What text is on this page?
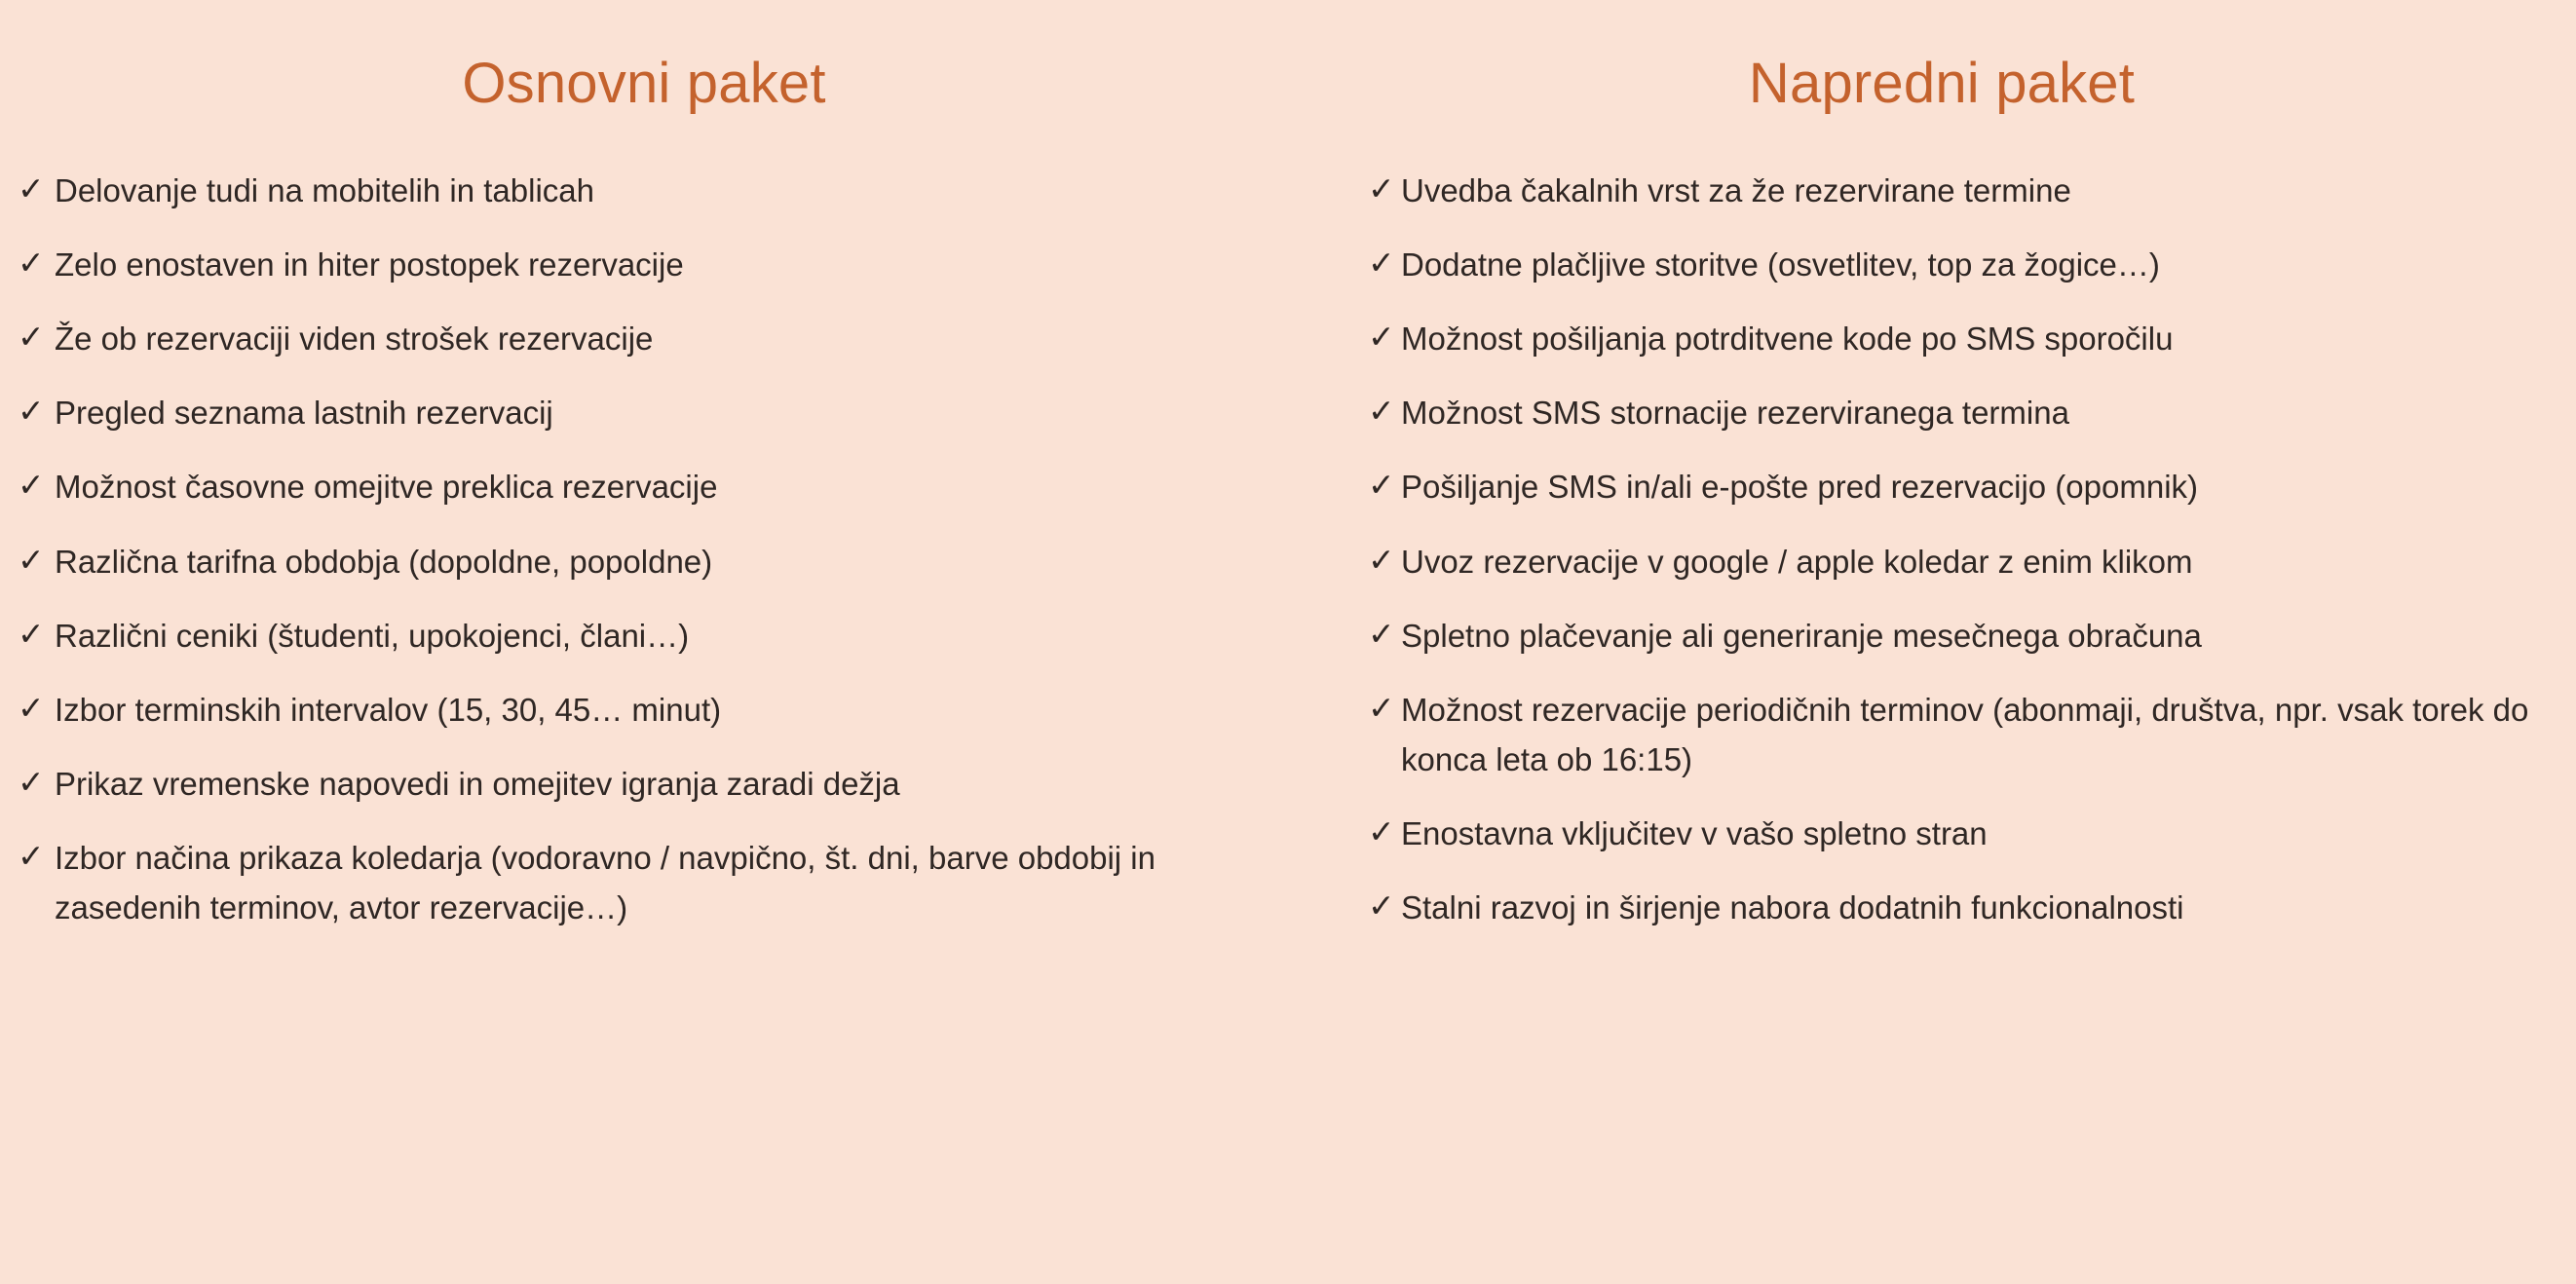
Osnovni paket
✓ Delovanje tudi na mobitelih in tablicah
✓ Zelo enostaven in hiter postopek rezervacije
✓ Že ob rezervaciji viden strošek rezervacije
✓ Pregled seznama lastnih rezervacij
✓ Možnost časovne omejitve preklica rezervacije
✓ Različna tarifna obdobja (dopoldne, popoldne)
✓ Različni ceniki (študenti, upokojenci, člani…)
✓ Izbor terminskih intervalov (15, 30, 45… minut)
✓ Prikaz vremenske napovedi in omejitev igranja zaradi dežja
✓ Izbor načina prikaza koledarja (vodoravno / navpično, št. dni, barve obdobij in zasedenih terminov, avtor rezervacije…)
Napredni paket
✓ Uvedba čakalnih vrst za že rezervirane termine
✓ Dodatne plačljive storitve (osvetlitev, top za žogice…)
✓ Možnost pošiljanja potrditvene kode po SMS sporočilu
✓ Možnost SMS stornacije rezerviranega termina
✓ Pošiljanje SMS in/ali e-pošte pred rezervacijo (opomnik)
✓ Uvoz rezervacije v google / apple koledar z enim klikom
✓ Spletno plačevanje ali generiranje mesečnega obračuna
✓ Možnost rezervacije periodičnih terminov (abonmaji, društva, npr. vsak torek do konca leta ob 16:15)
✓ Enostavna vključitev v vašo spletno stran
✓ Stalni razvoj in širjenje nabora dodatnih funkcionalnosti
